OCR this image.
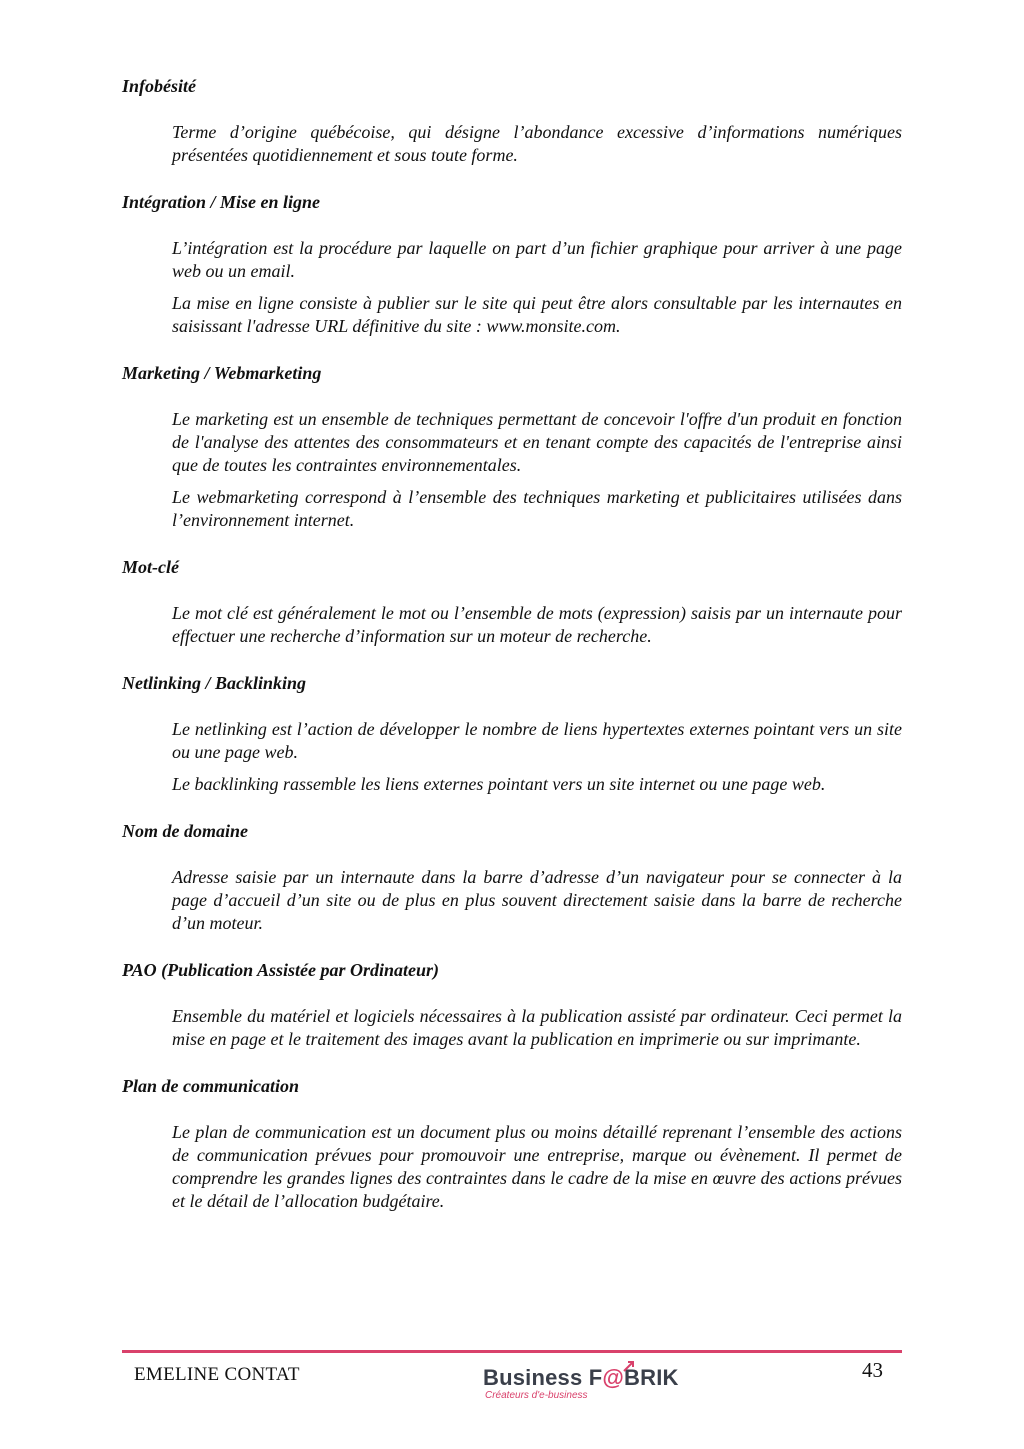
Infobésité

Terme d’origine québécoise, qui désigne l’abondance excessive d’informations numériques présentées quotidiennement et sous toute forme.

Intégration / Mise en ligne

L’intégration est la procédure par laquelle on part d’un fichier graphique pour arriver à une page web ou un email.

La mise en ligne consiste à publier sur le site qui peut être alors consultable par les internautes en saisissant l'adresse URL définitive du site : www.monsite.com.

Marketing / Webmarketing

Le marketing est un ensemble de techniques permettant de concevoir l'offre d'un produit en fonction de l'analyse des attentes des consommateurs et en tenant compte des capacités de l'entreprise ainsi que de toutes les contraintes environnementales.

Le webmarketing correspond à l’ensemble des techniques marketing et publicitaires utilisées dans l’environnement internet.

Mot-clé

Le mot clé est généralement le mot ou l’ensemble de mots (expression) saisis par un internaute pour effectuer une recherche d’information sur un moteur de recherche.

Netlinking / Backlinking

Le netlinking est l’action de développer le nombre de liens hypertextes externes pointant vers un site ou une page web.

Le backlinking rassemble les liens externes pointant vers un site internet ou une page web.

Nom de domaine

Adresse saisie par un internaute dans la barre d’adresse d’un navigateur pour se connecter à la page d’accueil d’un site ou de plus en plus souvent directement saisie dans la barre de recherche d’un moteur.

PAO (Publication Assistée par Ordinateur)

Ensemble du matériel et logiciels nécessaires à la publication assisté par ordinateur. Ceci permet la mise en page et le traitement des images avant la publication en imprimerie ou sur imprimante.

Plan de communication

Le plan de communication est un document plus ou moins détaillé reprenant l’ensemble des actions de communication prévues pour promouvoir une entreprise, marque ou évènement. Il permet de comprendre les grandes lignes des contraintes dans le cadre de la mise en œuvre des actions prévues et le détail de l’allocation budgétaire.

EMELINE CONTAT	Business F@BRIK
Créateurs d'e-business
43
